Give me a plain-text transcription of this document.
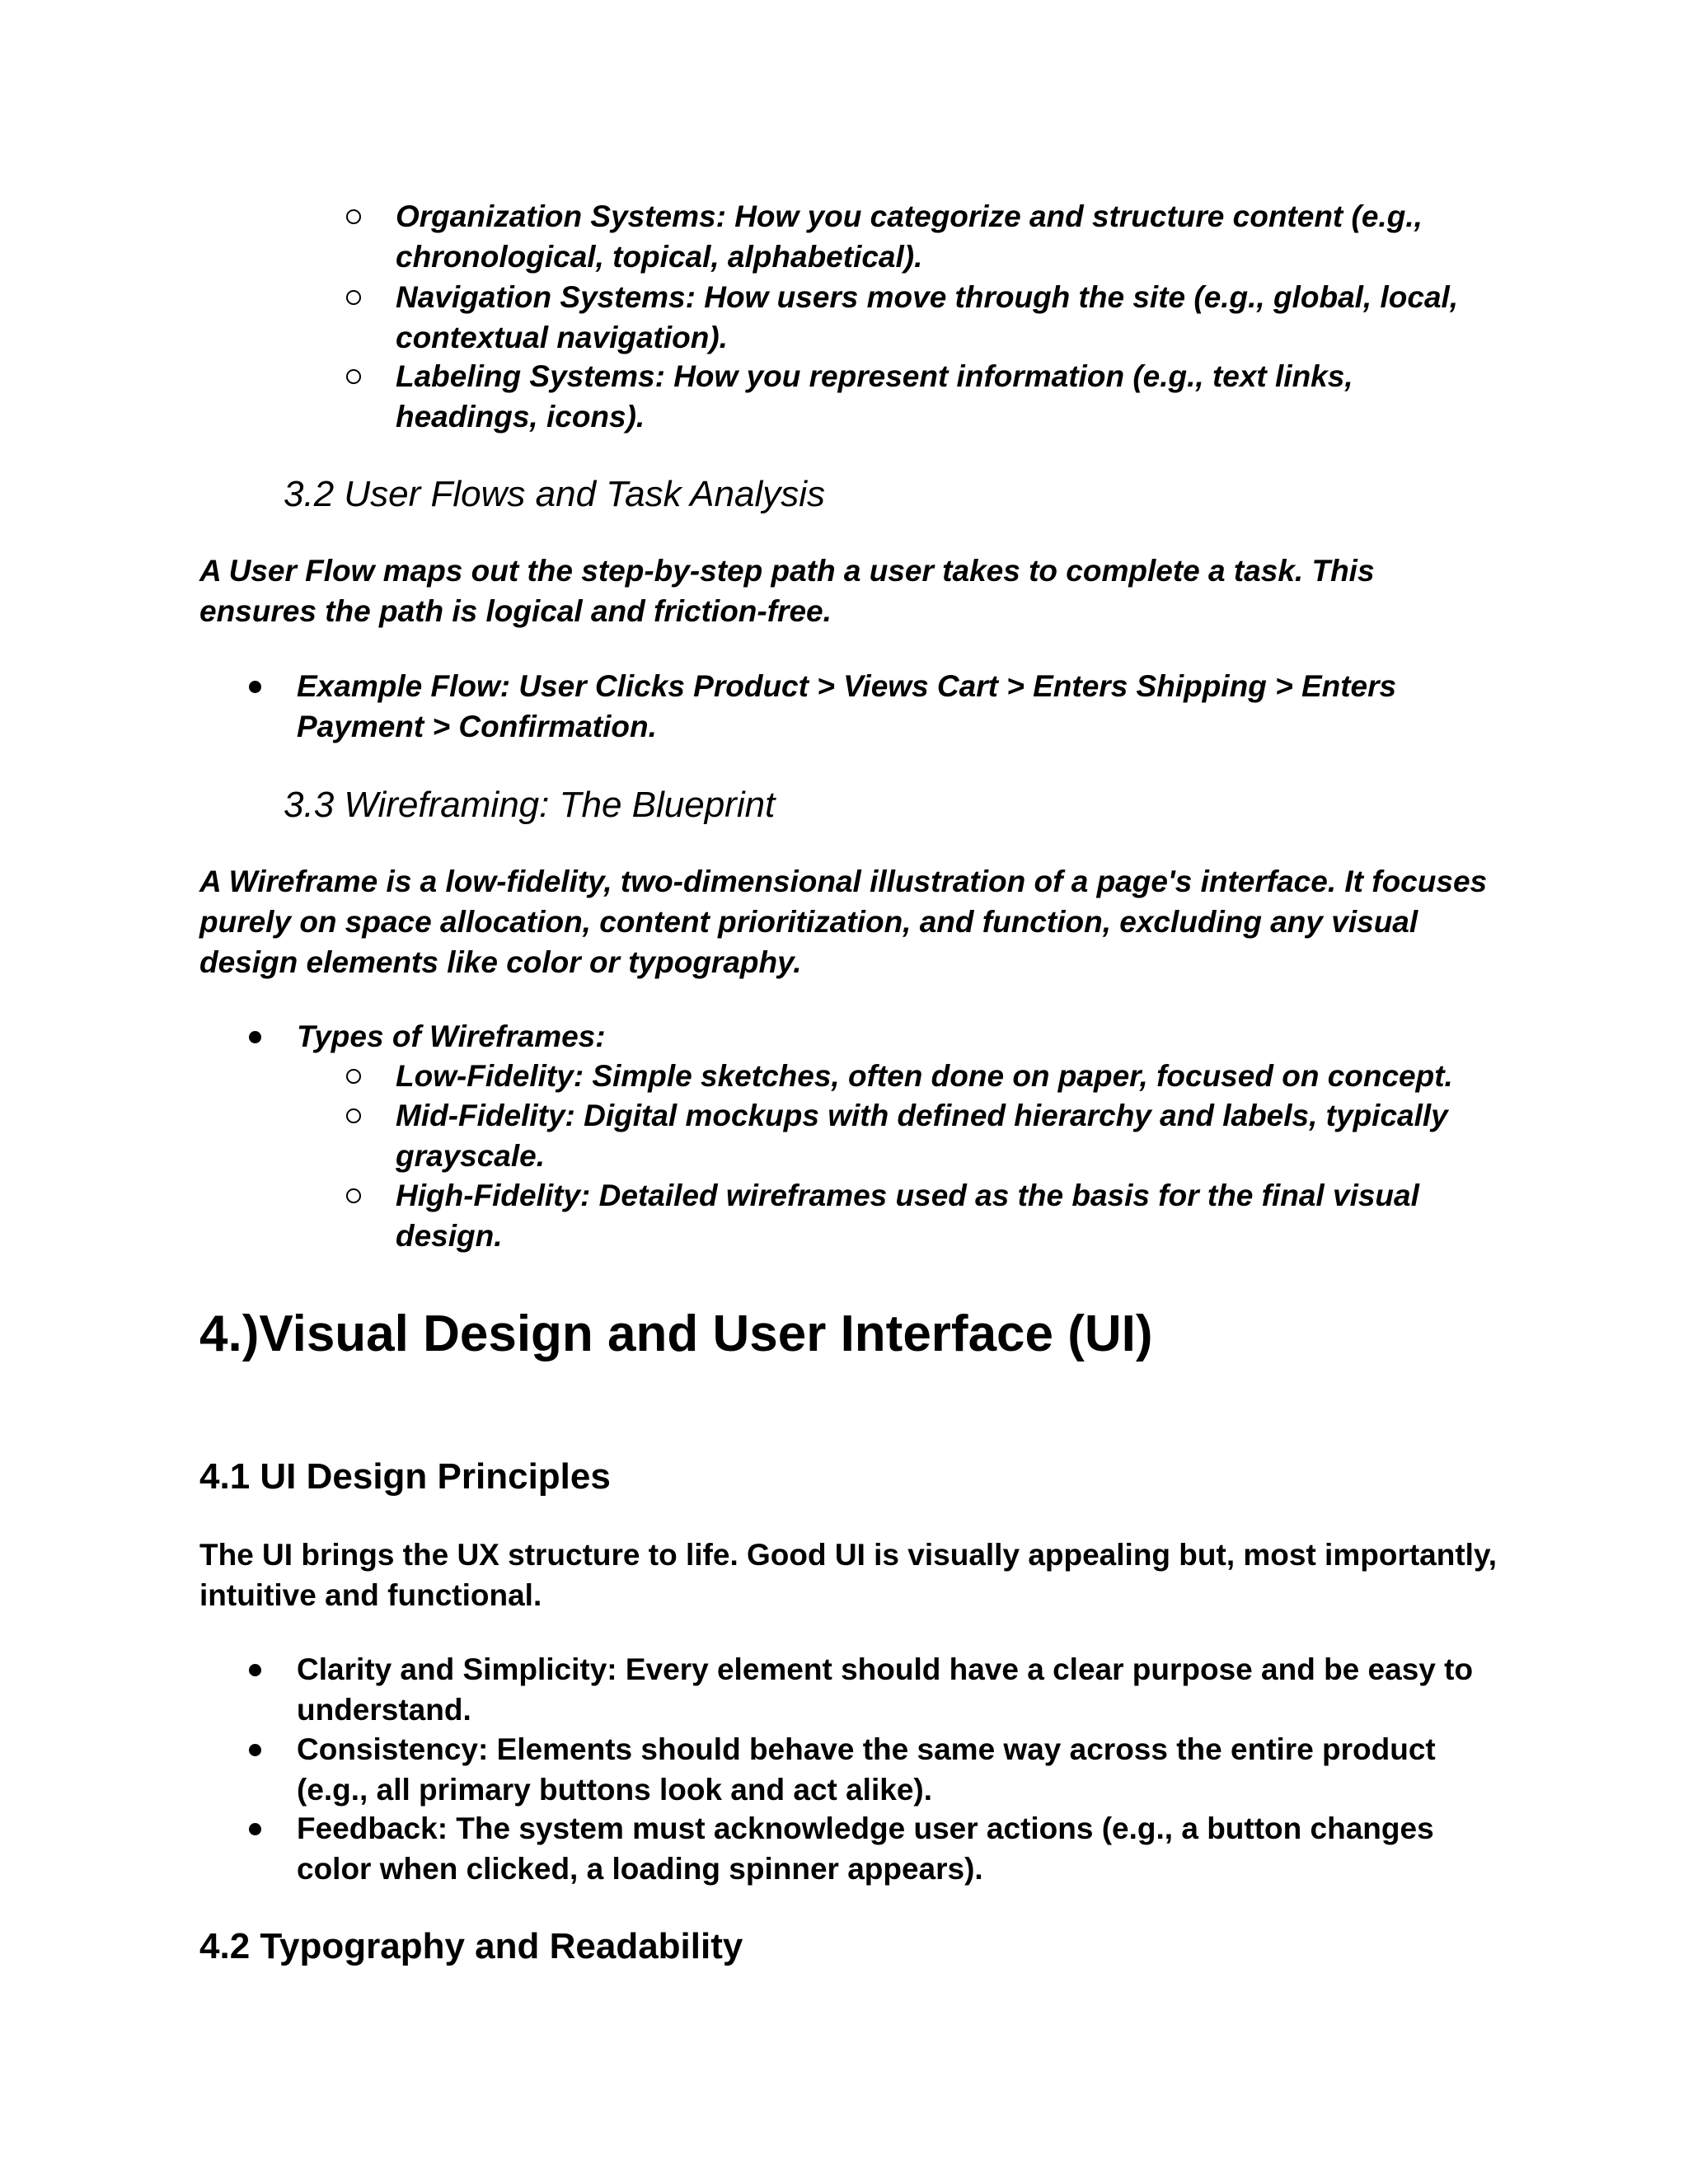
Organization Systems: How you categorize and structure content (e.g.,
chronological, topical, alphabetical).
Navigation Systems: How users move through the site (e.g., global, local,
contextual navigation).
Labeling Systems: How you represent information (e.g., text links,
headings, icons).
3.2 User Flows and Task Analysis
A User Flow maps out the step-by-step path a user takes to complete a task. This
ensures the path is logical and friction-free.
Example Flow: User Clicks Product > Views Cart > Enters Shipping > Enters
Payment > Confirmation.
3.3 Wireframing: The Blueprint
A Wireframe is a low-fidelity, two-dimensional illustration of a page's interface. It focuses
purely on space allocation, content prioritization, and function, excluding any visual
design elements like color or typography.
Types of Wireframes:
Low-Fidelity: Simple sketches, often done on paper, focused on concept.
Mid-Fidelity: Digital mockups with defined hierarchy and labels, typically
grayscale.
High-Fidelity: Detailed wireframes used as the basis for the final visual
design.
4.)Visual Design and User Interface (UI)
4.1 UI Design Principles
The UI brings the UX structure to life. Good UI is visually appealing but, most importantly,
intuitive and functional.
Clarity and Simplicity: Every element should have a clear purpose and be easy to
understand.
Consistency: Elements should behave the same way across the entire product
(e.g., all primary buttons look and act alike).
Feedback: The system must acknowledge user actions (e.g., a button changes
color when clicked, a loading spinner appears).
4.2 Typography and Readability
